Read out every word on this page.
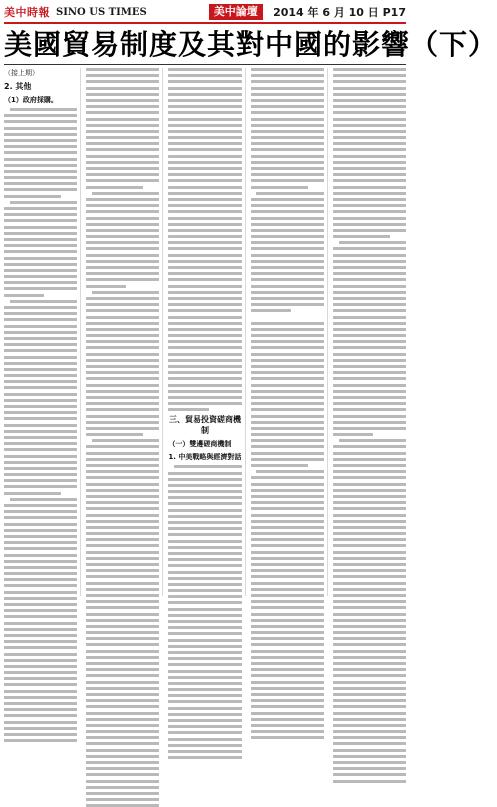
美中時報 SINO US TIMES	美中論壇	2014 年 6 月 10 日 P17
美國貿易制度及其對中國的影響（下）
（接上期）
2. 其他
（1）政府採購。
三、貿易投資磋商機制
（一）雙邊磋商機制
1. 中美戰略與經濟對話
